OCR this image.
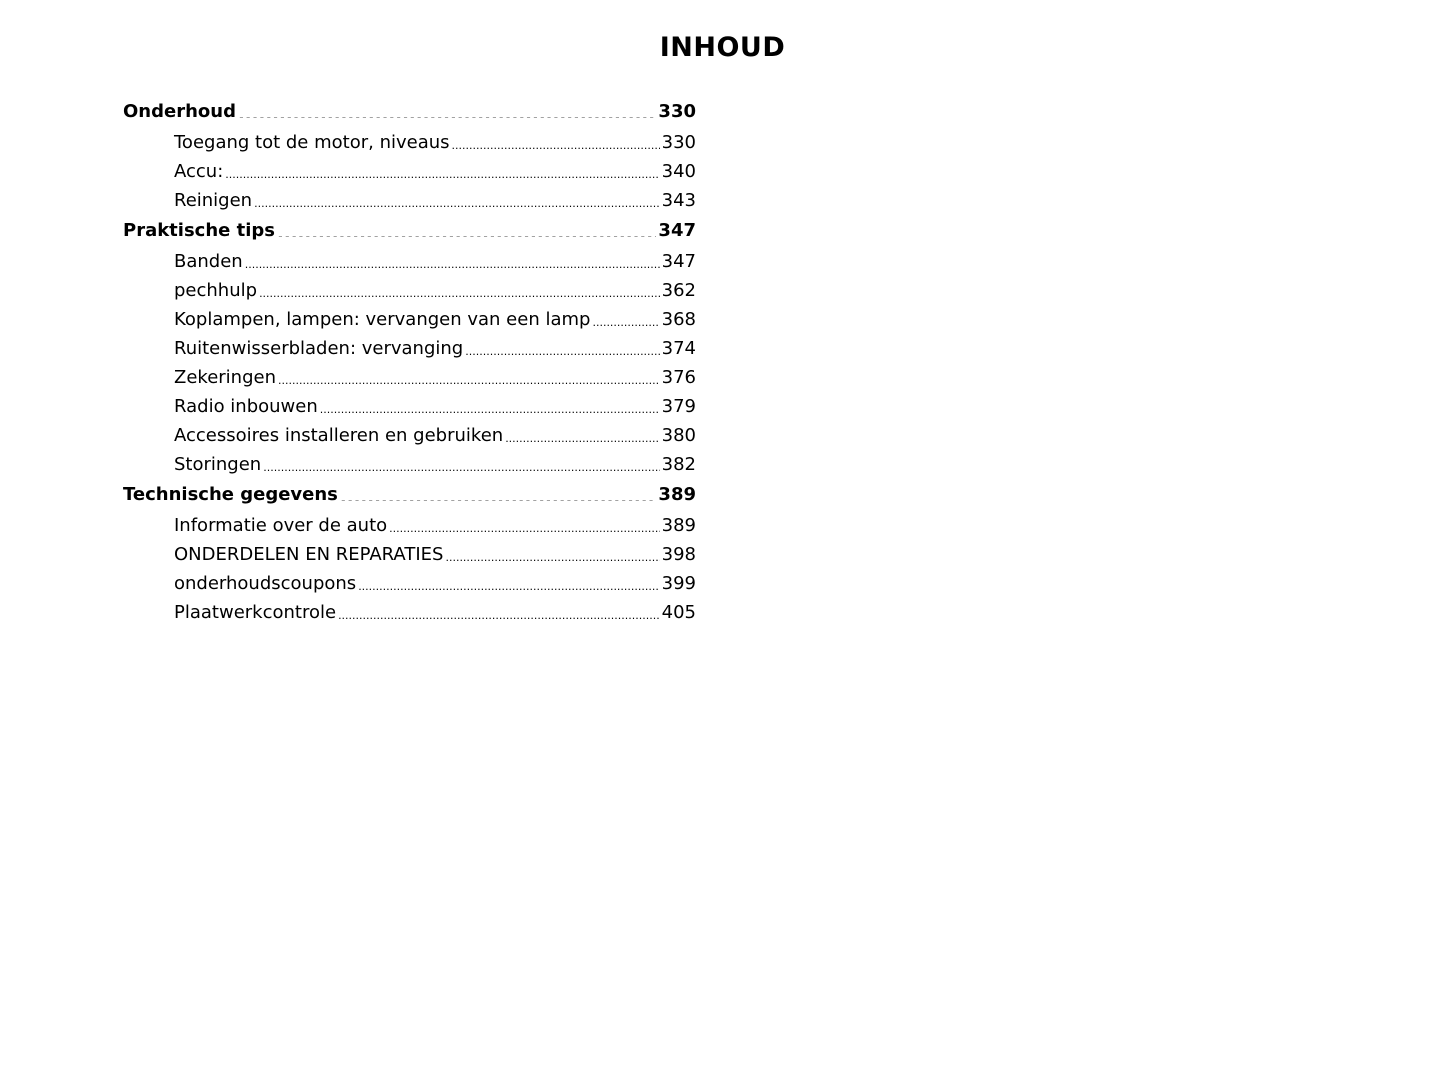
INHOUD
Onderhoud .....	330
Toegang tot de motor, niveaus .....	330
Accu: .....	340
Reinigen .....	343
Praktische tips .....	347
Banden .....	347
pechhulp .....	362
Koplampen, lampen: vervangen van een lamp .....	368
Ruitenwisserbladen: vervanging .....	374
Zekeringen .....	376
Radio inbouwen .....	379
Accessoires installeren en gebruiken .....	380
Storingen .....	382
Technische gegevens .....	389
Informatie over de auto .....	389
ONDERDELEN EN REPARATIES .....	398
onderhoudscoupons .....	399
Plaatwerkcontrole .....	405
